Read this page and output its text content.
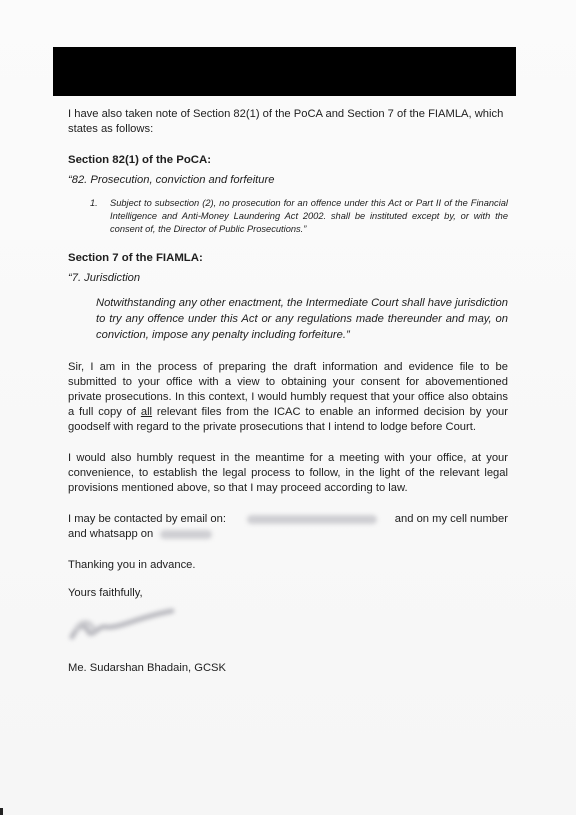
I have also taken note of Section 82(1) of the PoCA and Section 7 of the FIAMLA, which states as follows:

Section 82(1) of the PoCA:

“82. Prosecution, conviction and forfeiture

1.	Subject to subsection (2), no prosecution for an offence under this Act or Part II of the Financial Intelligence and Anti-Money Laundering Act 2002. shall be instituted except by, or with the consent of, the Director of Public Prosecutions.”

Section 7 of the FIAMLA:

“7. Jurisdiction

Notwithstanding any other enactment, the Intermediate Court shall have jurisdiction to try any offence under this Act or any regulations made thereunder and may, on conviction, impose any penalty including forfeiture.”

Sir, I am in the process of preparing the draft information and evidence file to be submitted to your office with a view to obtaining your consent for abovementioned private prosecutions. In this context, I would humbly request that your office also obtains a full copy of all relevant files from the ICAC to enable an informed decision by your goodself with regard to the private prosecutions that I intend to lodge before Court.

I would also humbly request in the meantime for a meeting with your office, at your convenience, to establish the legal process to follow, in the light of the relevant legal provisions mentioned above, so that I may proceed according to law.

I may be contacted by email on:	and on my cell number
and whatsapp on

Thanking you in advance.

Yours faithfully,

Me. Sudarshan Bhadain, GCSK
